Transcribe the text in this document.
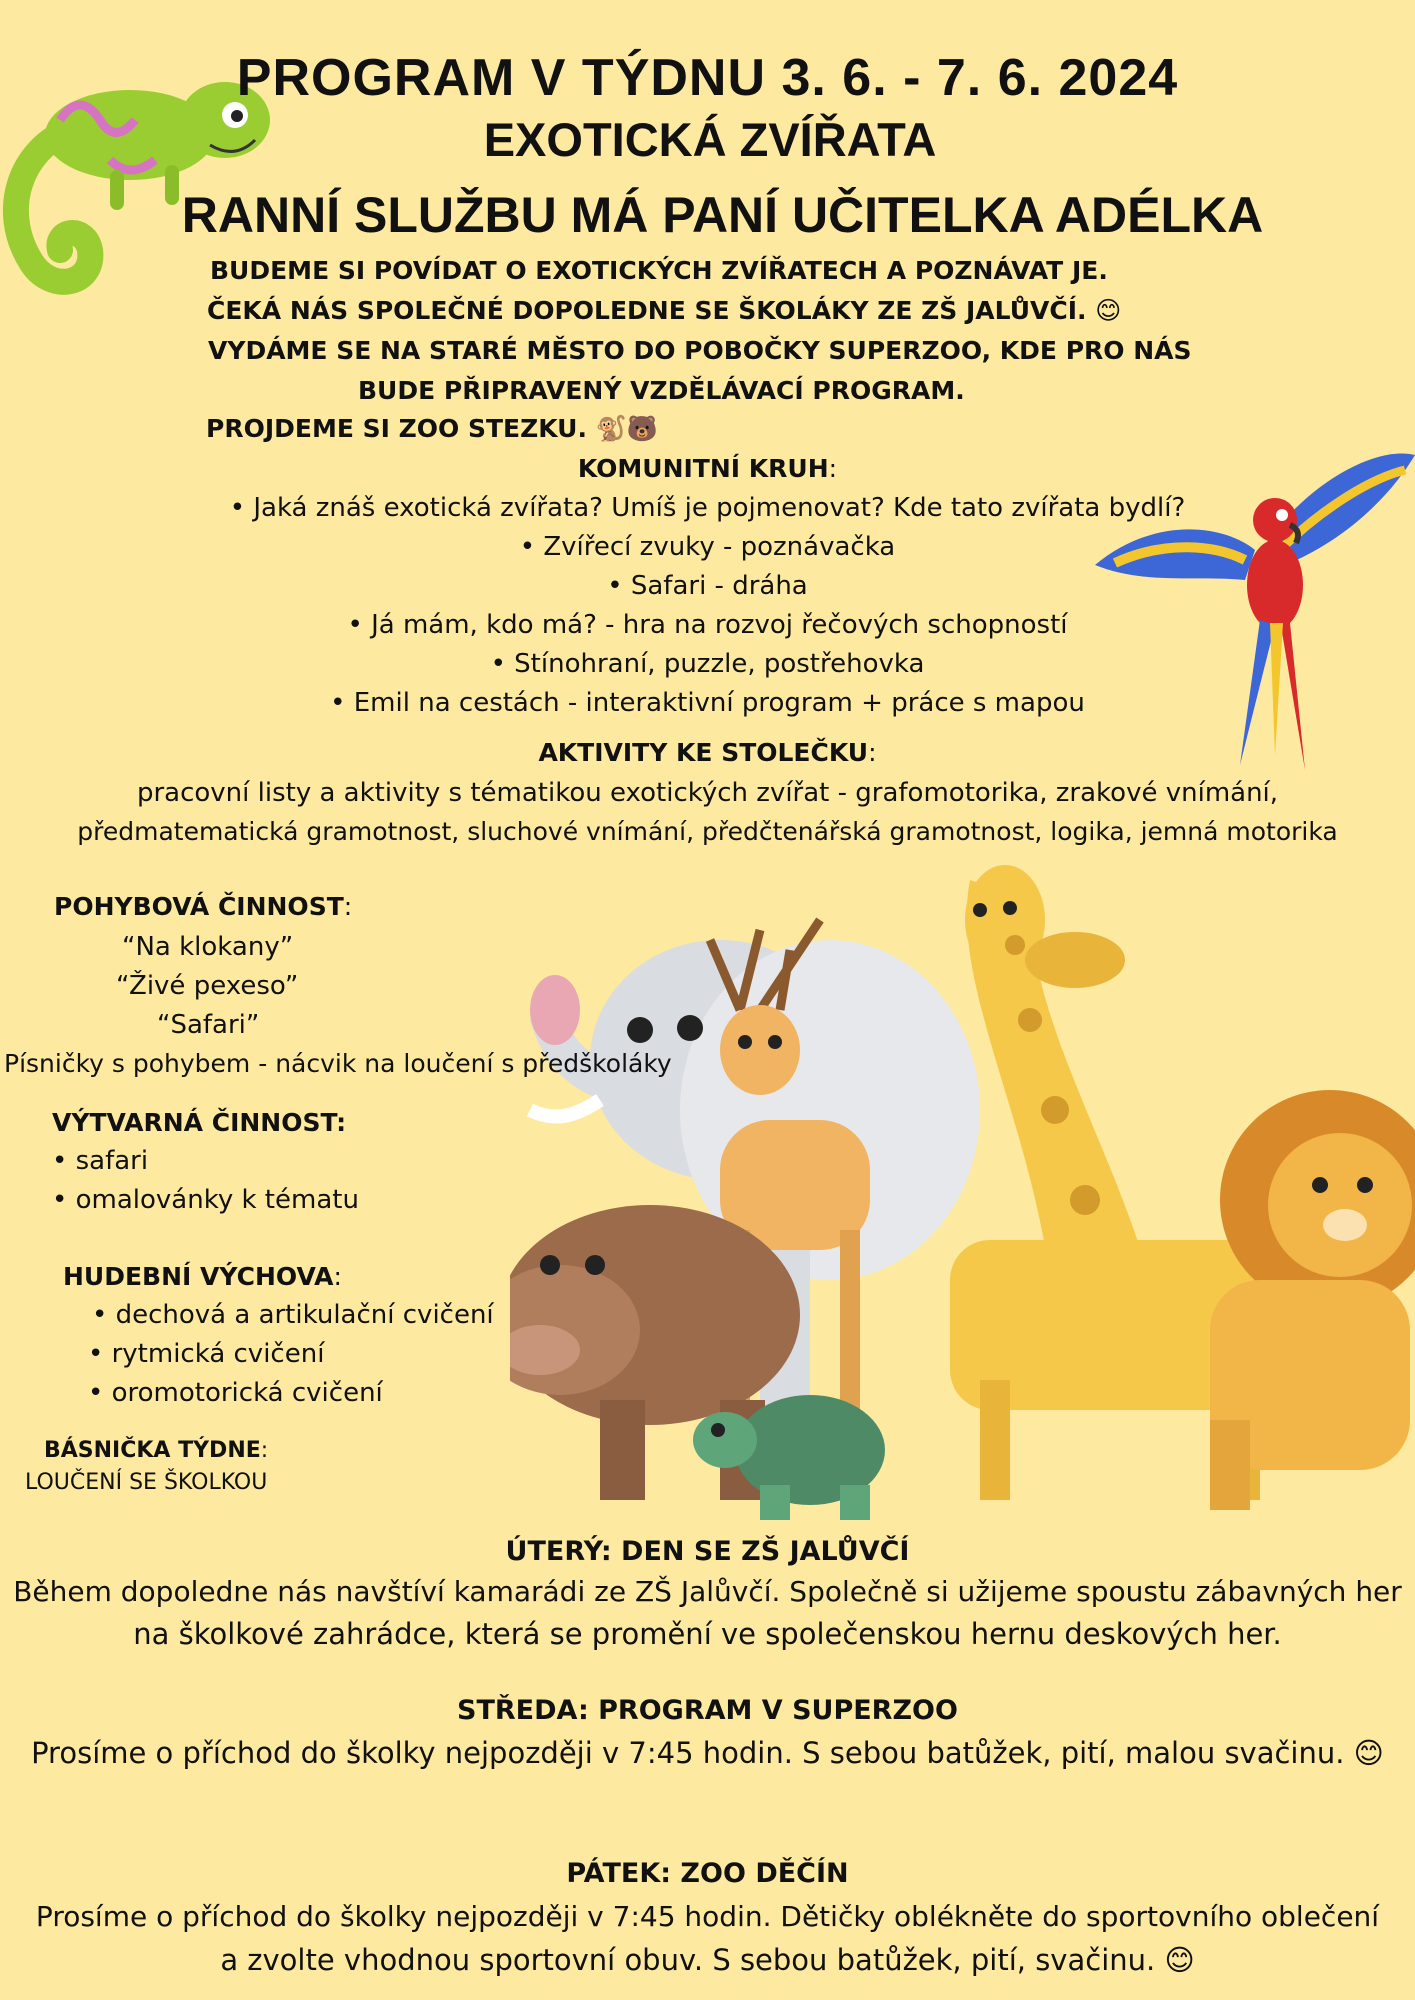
PROGRAM V TÝDNU 3. 6. - 7. 6. 2024
EXOTICKÁ ZVÍŘATA
RANNÍ SLUŽBU MÁ PANÍ UČITELKA ADÉLKA
BUDEME SI POVÍDAT O EXOTICKÝCH ZVÍŘATECH A POZNÁVAT JE.
ČEKÁ NÁS SPOLEČNÉ DOPOLEDNE SE ŠKOLÁKY ZE ZŠ JALŮVČÍ. 😊
VYDÁME SE NA STARÉ MĚSTO DO POBOČKY SUPERZOO, KDE PRO NÁS
BUDE PŘIPRAVENÝ VZDĚLÁVACÍ PROGRAM.
PROJDEME SI ZOO STEZKU. 🐒🐻
KOMUNITNÍ KRUH:
• Jaká znáš exotická zvířata? Umíš je pojmenovat? Kde tato zvířata bydlí?
• Zvířecí zvuky - poznávačka
• Safari - dráha
• Já mám, kdo má? - hra na rozvoj řečových schopností
• Stínohraní, puzzle, postřehovka
• Emil na cestách - interaktivní program + práce s mapou
AKTIVITY KE STOLEČKU:
pracovní listy a aktivity s tématikou exotických zvířat - grafomotorika, zrakové vnímání,
předmatematická gramotnost, sluchové vnímání, předčtenářská gramotnost, logika, jemná motorika
POHYBOVÁ ČINNOST:
“Na klokany”
“Živé pexeso”
“Safari”
Písničky s pohybem - nácvik na loučení s předškoláky
VÝTVARNÁ ČINNOST:
• safari
• omalovánky k tématu
HUDEBNÍ VÝCHOVA:
• dechová a artikulační cvičení
• rytmická cvičení
• oromotorická cvičení
BÁSNIČKA TÝDNE:
LOUČENÍ SE ŠKOLKOU
ÚTERÝ: DEN SE ZŠ JALŮVČÍ
Během dopoledne nás navštíví kamarádi ze ZŠ Jalůvčí. Společně si užijeme spoustu zábavných her
na školkové zahrádce, která se promění ve společenskou hernu deskových her.
STŘEDA: PROGRAM V SUPERZOO
Prosíme o příchod do školky nejpozději v 7:45 hodin. S sebou batůžek, pití, malou svačinu. 😊
PÁTEK: ZOO DĚČÍN
Prosíme o příchod do školky nejpozději v 7:45 hodin. Dětičky oblékněte do sportovního oblečení
a zvolte vhodnou sportovní obuv. S sebou batůžek, pití, svačinu. 😊
